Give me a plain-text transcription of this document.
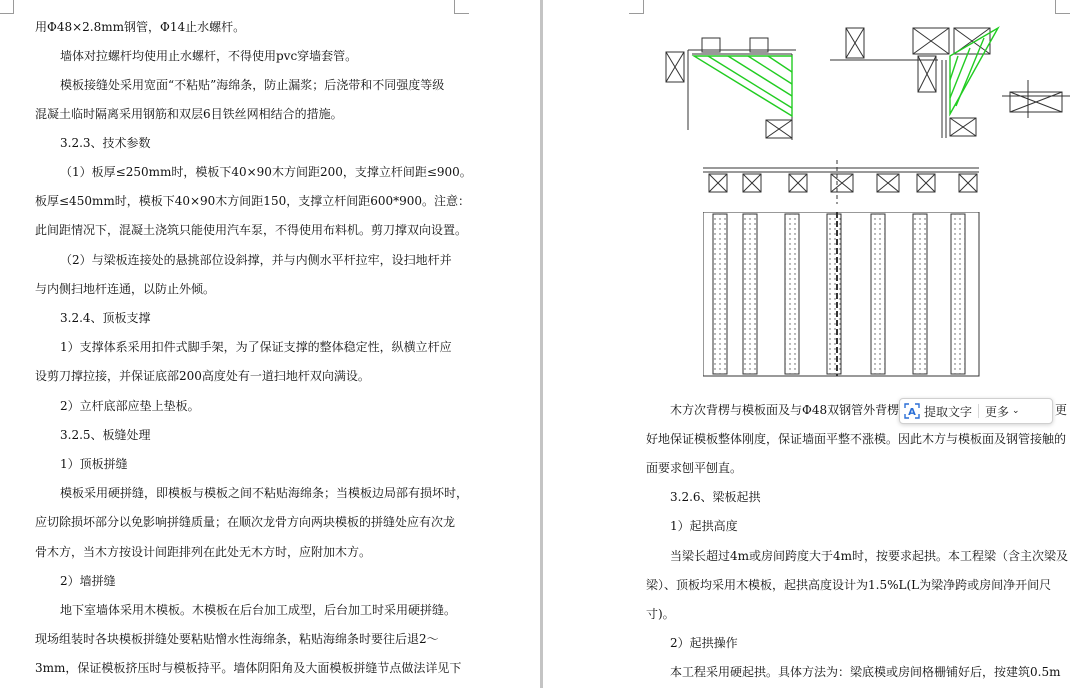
用Φ48×2.8mm钢管，Φ14止水螺杆。
墙体对拉螺杆均使用止水螺杆，不得使用pvc穿墙套管。
模板接缝处采用宽面“不粘贴”海绵条，防止漏浆；后浇带和不同强度等级
混凝土临时隔离采用钢筋和双层6目铁丝网相结合的措施。
3.2.3、技术参数
（1）板厚≤250mm时，模板下40×90木方间距200，支撑立杆间距≤900。
板厚≤450mm时，模板下40×90木方间距150，支撑立杆间距600*900。注意：
此间距情况下，混凝土浇筑只能使用汽车泵，不得使用布料机。剪刀撑双向设置。
（2）与梁板连接处的悬挑部位设斜撑，并与内侧水平杆拉牢，设扫地杆并
与内侧扫地杆连通，以防止外倾。
3.2.4、顶板支撑
1）支撑体系采用扣件式脚手架，为了保证支撑的整体稳定性，纵横立杆应
设剪刀撑拉接，并保证底部200高度处有一道扫地杆双向满设。
2）立杆底部应垫上垫板。
3.2.5、板缝处理
1）顶板拼缝
模板采用硬拼缝，即模板与模板之间不粘贴海绵条；当模板边局部有损坏时，
应切除损坏部分以免影响拼缝质量；在顺次龙骨方向两块模板的拼缝处应有次龙
骨木方，当木方按设计间距排列在此处无木方时，应附加木方。
2）墙拼缝
地下室墙体采用木模板。木模板在后台加工成型，后台加工时采用硬拼缝。
现场组装时各块模板拼缝处要粘贴憎水性海绵条，粘贴海绵条时要往后退2～
3mm，保证模板挤压时与模板持平。墙体阴阳角及大面模板拼缝节点做法详见下
木方次背楞与模板面及与Φ48双钢管外背楞
好地保证模板整体刚度，保证墙面平整不涨模。因此木方与模板面及钢管接触的
面要求刨平刨直。
3.2.6、梁板起拱
1）起拱高度
当梁长超过4m或房间跨度大于4m时，按要求起拱。本工程梁（含主次梁及
梁）、顶板均采用木模板，起拱高度设计为1.5%L(L为梁净跨或房间净开间尺
寸)。
2）起拱操作
本工程采用硬起拱。具体方法为：梁底模或房间格栅铺好后，按建筑0.5m
更
A 提取文字 更多 ⌄
